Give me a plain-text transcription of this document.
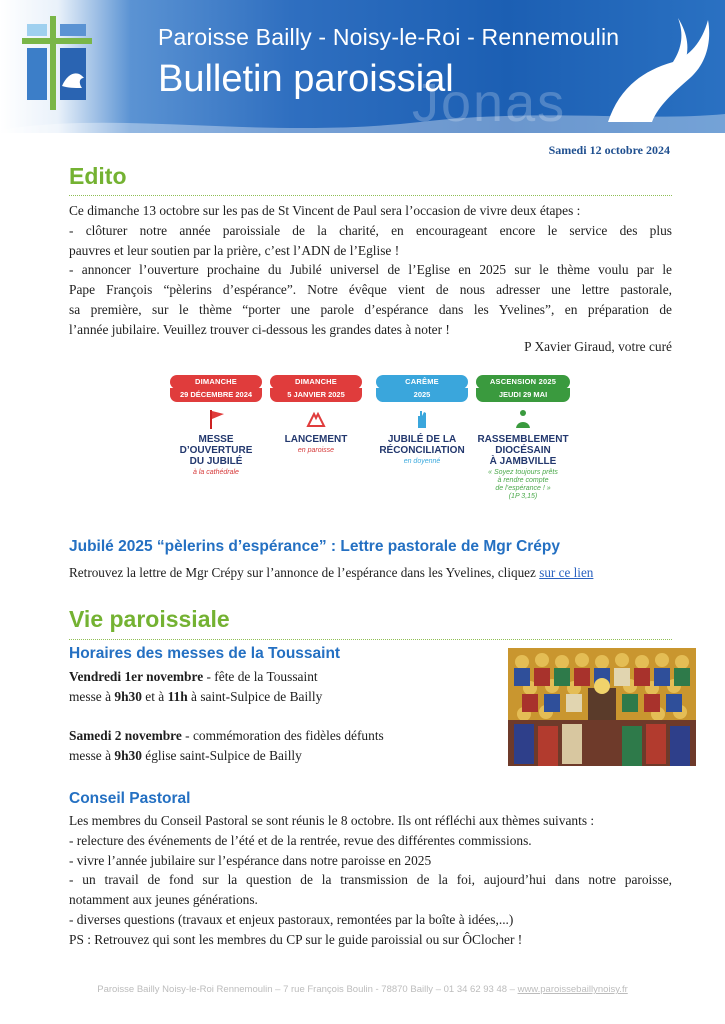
Paroisse Bailly - Noisy-le-Roi - Rennemoulin
Bulletin paroissial
Jonas
Samedi 12 octobre 2024
Edito
Ce dimanche 13 octobre sur les pas de St Vincent de Paul sera l’occasion de vivre deux étapes :
- clôturer notre année paroissiale de la charité, en encourageant encore le service des plus
pauvres et leur soutien par la prière, c’est l’ADN de l’Eglise !
- annoncer l’ouverture prochaine du Jubilé universel de l’Eglise en 2025 sur le thème voulu par le
Pape François “pèlerins d’espérance”. Notre évêque vient de nous adresser une lettre pastorale,
sa première, sur le thème “porter une parole d’espérance dans les Yvelines”, en préparation de
l’année jubilaire. Veuillez trouver ci-dessous les grandes dates à noter !
P Xavier Giraud, votre curé
DIMANCHE
29 DÉCEMBRE 2024
MESSE
D’OUVERTURE
DU JUBILÉ
à la cathédrale
DIMANCHE
5 JANVIER 2025
LANCEMENT
en paroisse
CARÊME
2025
JUBILÉ DE LA
RÉCONCILIATION
en doyenné
ASCENSION 2025
JEUDI 29 MAI
RASSEMBLEMENT
DIOCÉSAIN
À JAMBVILLE
« Soyez toujours prêts
à rendre compte
de l’espérance ! »
(1P 3,15)
Jubilé 2025 “pèlerins d’espérance” : Lettre pastorale de Mgr Crépy
Retrouvez la lettre de Mgr Crépy sur l’annonce de l’espérance dans les Yvelines, cliquez sur ce lien
Vie paroissiale
Horaires des messes de la Toussaint
Vendredi 1er novembre - fête de la Toussaint
messe à 9h30 et à 11h à saint-Sulpice de Bailly

Samedi 2 novembre - commémoration des fidèles défunts
messe à 9h30 église saint-Sulpice de Bailly
Conseil Pastoral
Les membres du Conseil Pastoral se sont réunis le 8 octobre. Ils ont réfléchi aux thèmes suivants :
- relecture des événements de l’été et de la rentrée, revue des différentes commissions.
- vivre l’année jubilaire sur l’espérance dans notre paroisse en 2025
- un travail de fond sur la question de la transmission de la foi, aujourd’hui dans notre paroisse,
notamment aux jeunes générations.
- diverses questions (travaux et enjeux pastoraux, remontées par la boîte à idées,...)
PS : Retrouvez qui sont les membres du CP sur le guide paroissial ou sur ÔClocher !
Paroisse Bailly Noisy-le-Roi Rennemoulin – 7 rue François Boulin - 78870 Bailly – 01 34 62 93 48 – www.paroissebaillynoisy.fr
